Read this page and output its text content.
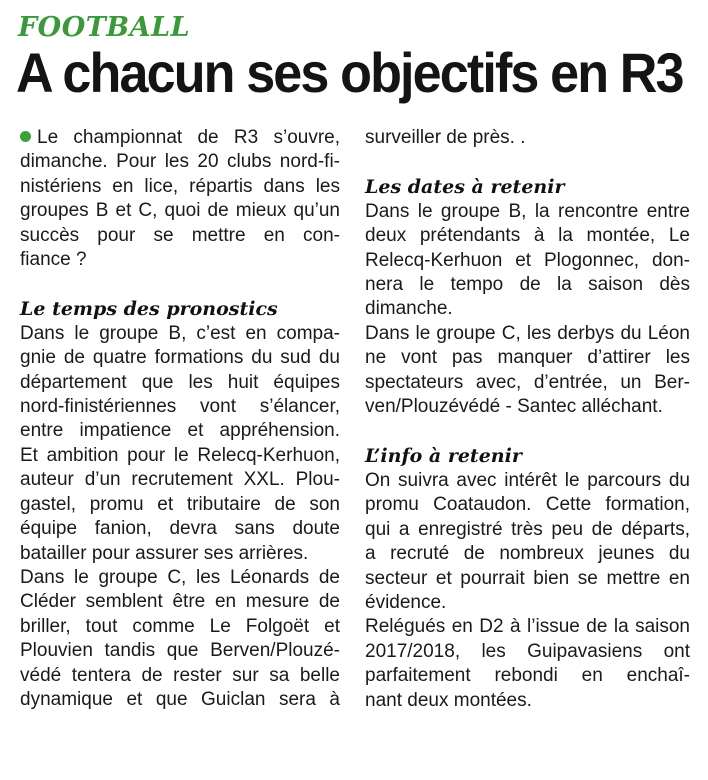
FOOTBALL
A chacun ses objectifs en R3

Le championnat de R3 s’ouvre,
dimanche. Pour les 20 clubs nord-fi-
nistériens en lice, répartis dans les
groupes B et C, quoi de mieux qu’un
succès pour se mettre en con-
fiance ?

Le temps des pronostics

Dans le groupe B, c’est en compa-
gnie de quatre formations du sud du
département que les huit équipes
nord-finistériennes vont s’élancer,
entre impatience et appréhension.
Et ambition pour le Relecq-Kerhuon,
auteur d’un recrutement XXL. Plou-
gastel, promu et tributaire de son
équipe fanion, devra sans doute
batailler pour assurer ses arrières.

Dans le groupe C, les Léonards de
Cléder semblent être en mesure de
briller, tout comme Le Folgoët et
Plouvien tandis que Berven/Plouzé-
védé tentera de rester sur sa belle
dynamique et que Guiclan sera à

surveiller de près. .

Les dates à retenir

Dans le groupe B, la rencontre entre
deux prétendants à la montée, Le
Relecq-Kerhuon et Plogonnec, don-
nera le tempo de la saison dès
dimanche.

Dans le groupe C, les derbys du Léon
ne vont pas manquer d’attirer les
spectateurs avec, d’entrée, un Ber-
ven/Plouzévédé - Santec alléchant.

L’info à retenir

On suivra avec intérêt le parcours du
promu Coataudon. Cette formation,
qui a enregistré très peu de départs,
a recruté de nombreux jeunes du
secteur et pourrait bien se mettre en
évidence.

Relégués en D2 à l’issue de la saison
2017/2018, les Guipavasiens ont
parfaitement rebondi en enchaî-
nant deux montées.
